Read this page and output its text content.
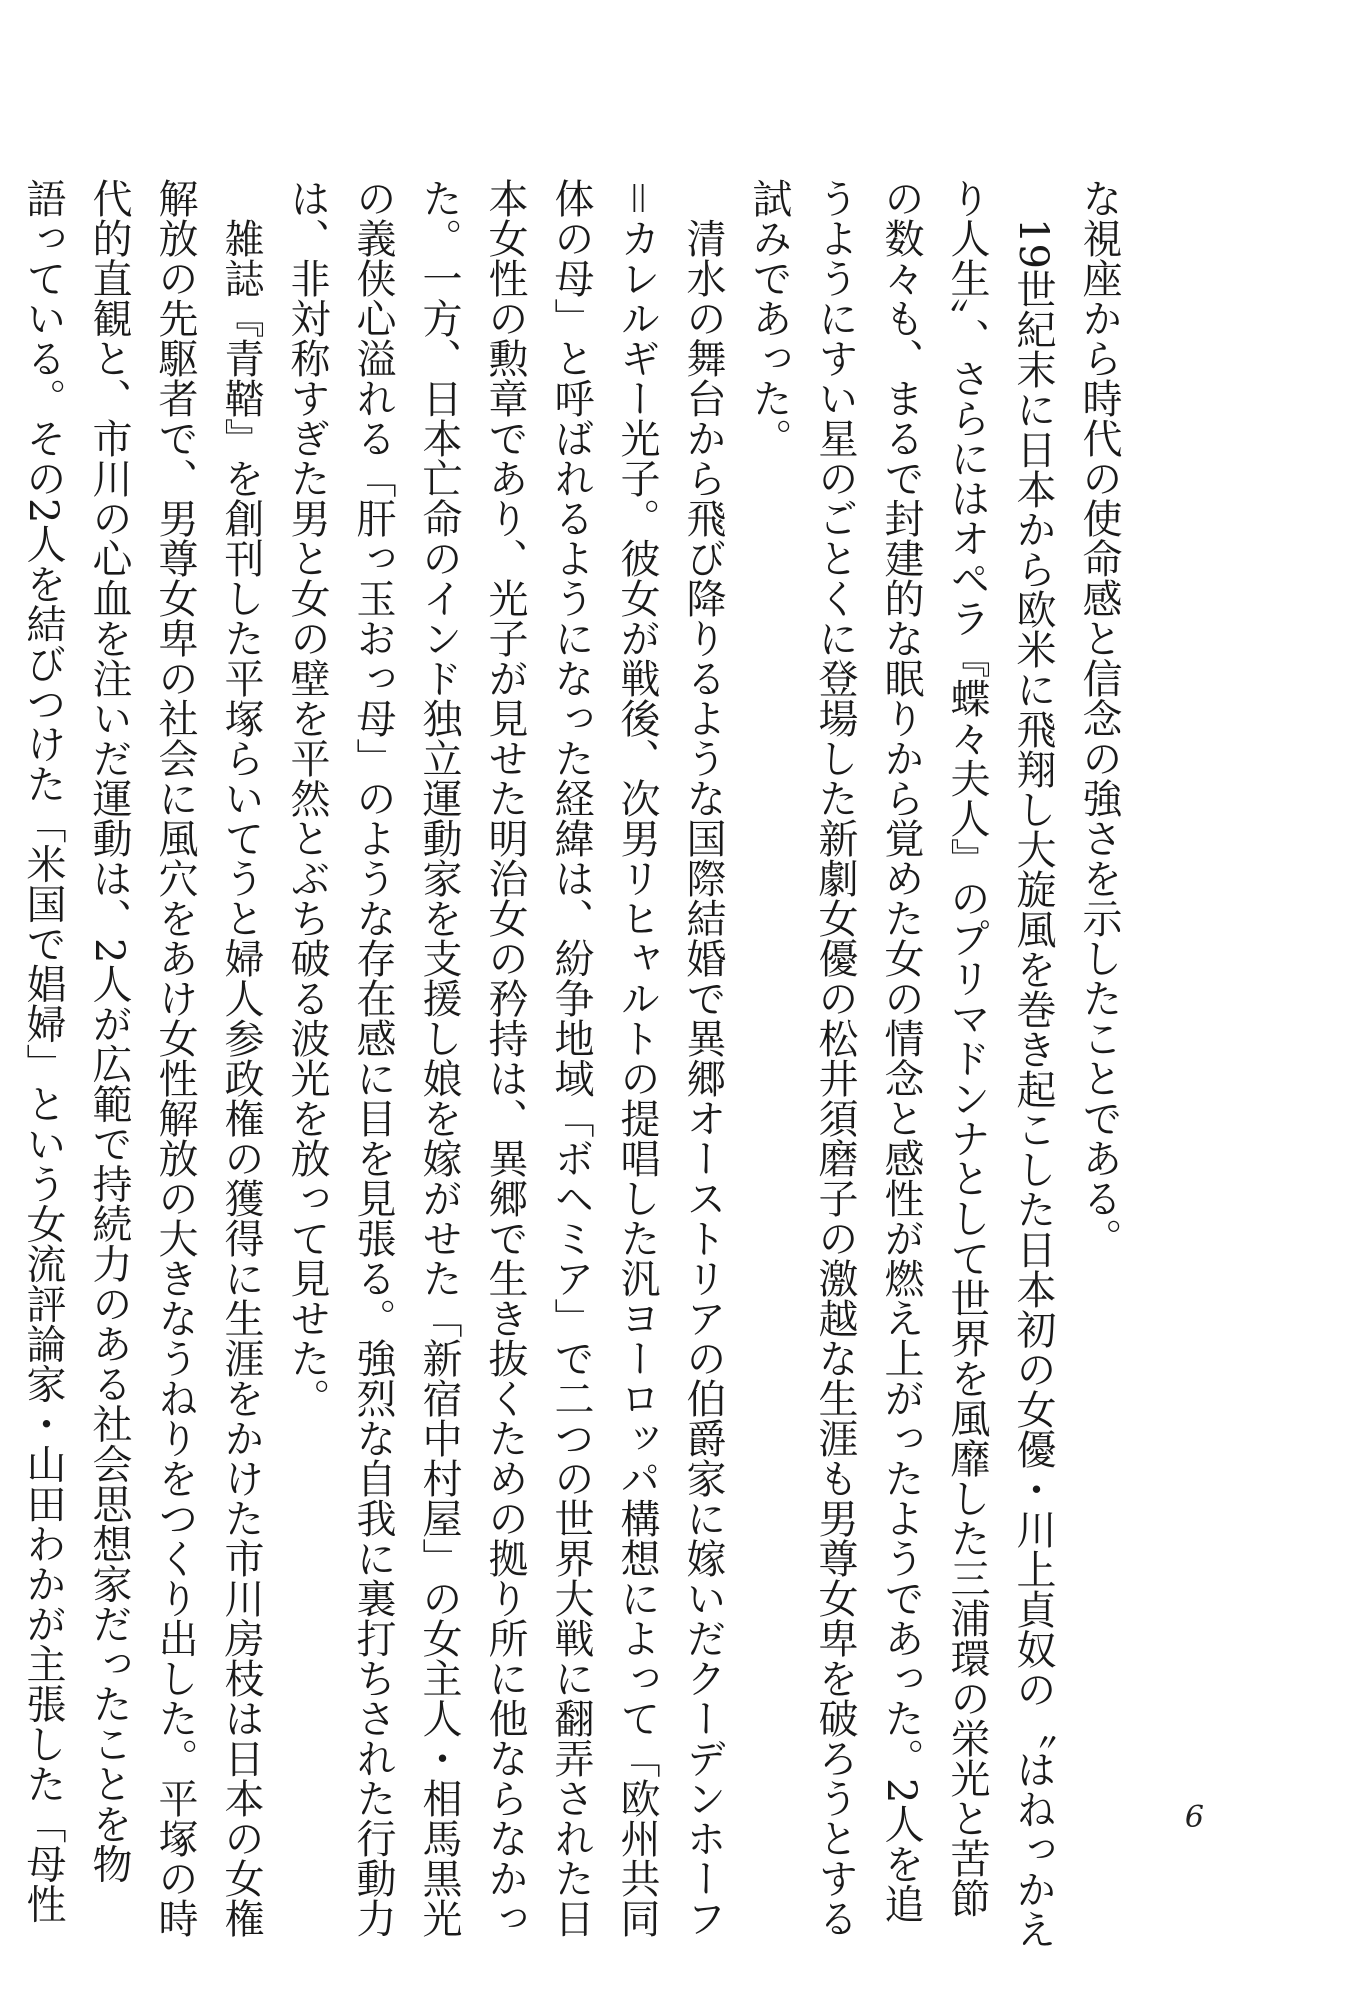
な視座から時代の使命感と信念の強さを示したことである。
　19世紀末に日本から欧米に飛翔し大旋風を巻き起こした日本初の女優・川上貞奴の〝はねっかえ
り人生〟、さらにはオペラ『蝶々夫人』のプリマドンナとして世界を風靡した三浦環の栄光と苦節
の数々も、まるで封建的な眠りから覚めた女の情念と感性が燃え上がったようであった。2人を追
うようにすい星のごとくに登場した新劇女優の松井須磨子の激越な生涯も男尊女卑を破ろうとする
試みであった。
　清水の舞台から飛び降りるような国際結婚で異郷オーストリアの伯爵家に嫁いだクーデンホーフ
＝カレルギー光子。彼女が戦後、次男リヒャルトの提唱した汎ヨーロッパ構想によって「欧州共同
体の母」と呼ばれるようになった経緯は、紛争地域「ボヘミア」で二つの世界大戦に翻弄された日
本女性の勲章であり、光子が見せた明治女の矜持は、異郷で生き抜くための拠り所に他ならなかっ
た。一方、日本亡命のインド独立運動家を支援し娘を嫁がせた「新宿中村屋」の女主人・相馬黒光
の義侠心溢れる「肝っ玉おっ母」のような存在感に目を見張る。強烈な自我に裏打ちされた行動力
は、非対称すぎた男と女の壁を平然とぶち破る波光を放って見せた。
　雑誌『青鞜』を創刊した平塚らいてうと婦人参政権の獲得に生涯をかけた市川房枝は日本の女権
解放の先駆者で、男尊女卑の社会に風穴をあけ女性解放の大きなうねりをつくり出した。平塚の時
代的直観と、市川の心血を注いだ運動は、2人が広範で持続力のある社会思想家だったことを物
語っている。その2人を結びつけた「米国で娼婦」という女流評論家・山田わかが主張した「母性	6
